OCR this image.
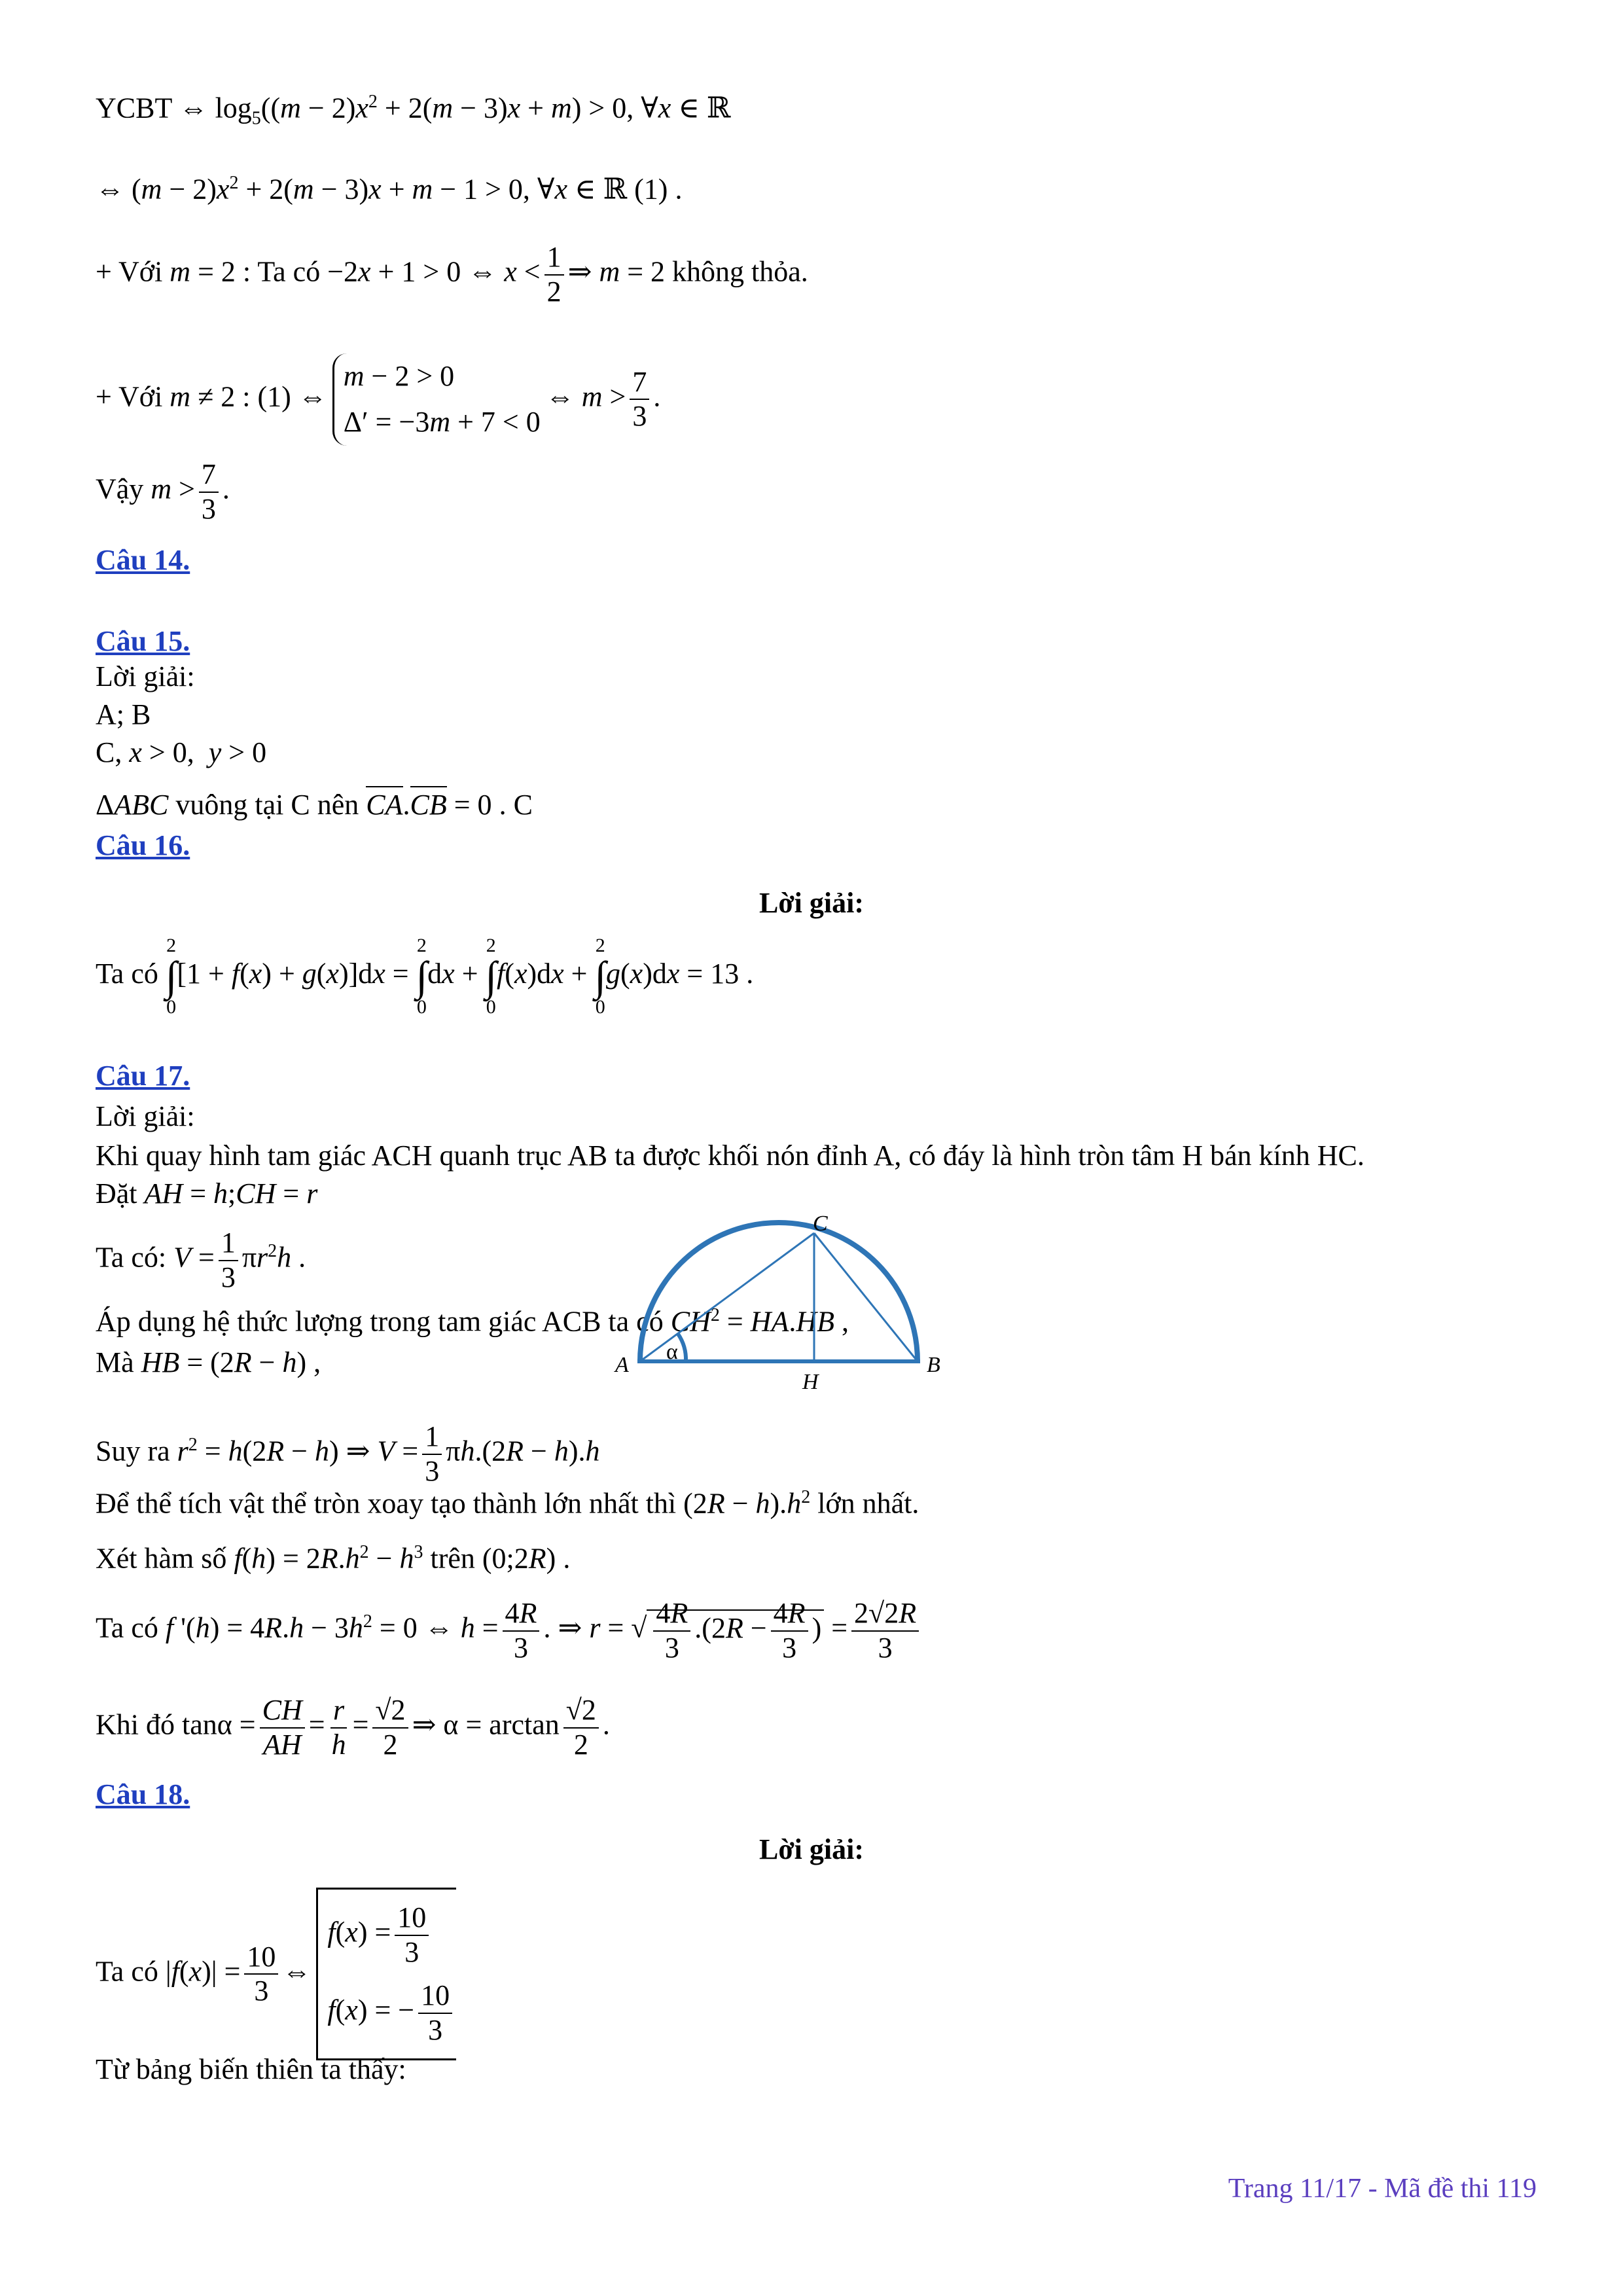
YCBT ⇔ $\log_5((m - 2)x^2 + 2(m - 3)x + m) > 0$, ∀x ∈ ℝ
⇔ $(m - 2)x^2 + 2(m - 3)x + m - 1 > 0$, ∀x ∈ ℝ (1) .
+ Với m = 2 : Ta có −2x + 1 > 0 ⇔ $x < \frac{1}{2}$ ⇒ m = 2 không thỏa.
+ Với m ≠ 2 : (1) ⇔
m − 2 > 0
Δ′ = −3m + 7 < 0
⇔ $m > \frac{7}{3}$ .
Vậy $m > \frac{7}{3}$ .
Câu 14.
Câu 15.
Lời giải:
A; B
C, x > 0,  y > 0
ΔABC vuông tại C nên CA.CB = 0 . C
Câu 16.
Lời giải:
Ta có
2
∫
0
[1 + f(x) + g(x)]dx =
2
∫
0
dx +
2
∫
0
f(x)dx +
2
∫
0
g(x)dx = 13 .
Câu 17.
Lời giải:
Khi quay hình tam giác ACH quanh trục AB ta được khối nón đỉnh A, có đáy là hình tròn tâm H bán kính HC.
Đặt AH = h;CH = r
Ta có: $V = \frac{1}{3} \pi r^2h$ .
Áp dụng hệ thức lượng trong tam giác ACB ta có $CH^2 = HA.HB$ ,
Mà HB = (2R − h) ,
C
A	B
H
α
Suy ra $r^2 = h(2R - h)$ ⇒ $V = \frac{1}{3} \pi h.(2R - h).h$
Để thể tích vật thể tròn xoay tạo thành lớn nhất thì $(2R - h).h^2$ lớn nhất.
Xét hàm số $f(h) = 2R.h^2 - h^3$ trên (0;2R) .
Ta có f '$(h) = 4R.h - 3h^2 = 0$ ⇔ $h = \frac{4R}{3}$ . ⇒ r = √ $\frac{4R}{3} .(2R - \frac{4R}{3}$ ) = $\frac{2√2R}{3}$
Khi đó $\tan\alpha = \frac{CH}{AH} = \frac{r}{h} = \frac{√2}{2}$ ⇒ $\alpha = \arctan \frac{√2}{2}$ .
Câu 18.
Lời giải:
Ta có $|f(x)| = \frac{10}{3}$ ⇔
$f(x) = \frac{10}{3}$
f(x) = − $\frac{10}{3}$
Từ bảng biến thiên ta thấy:
Trang 11/17 - Mã đề thi 119
